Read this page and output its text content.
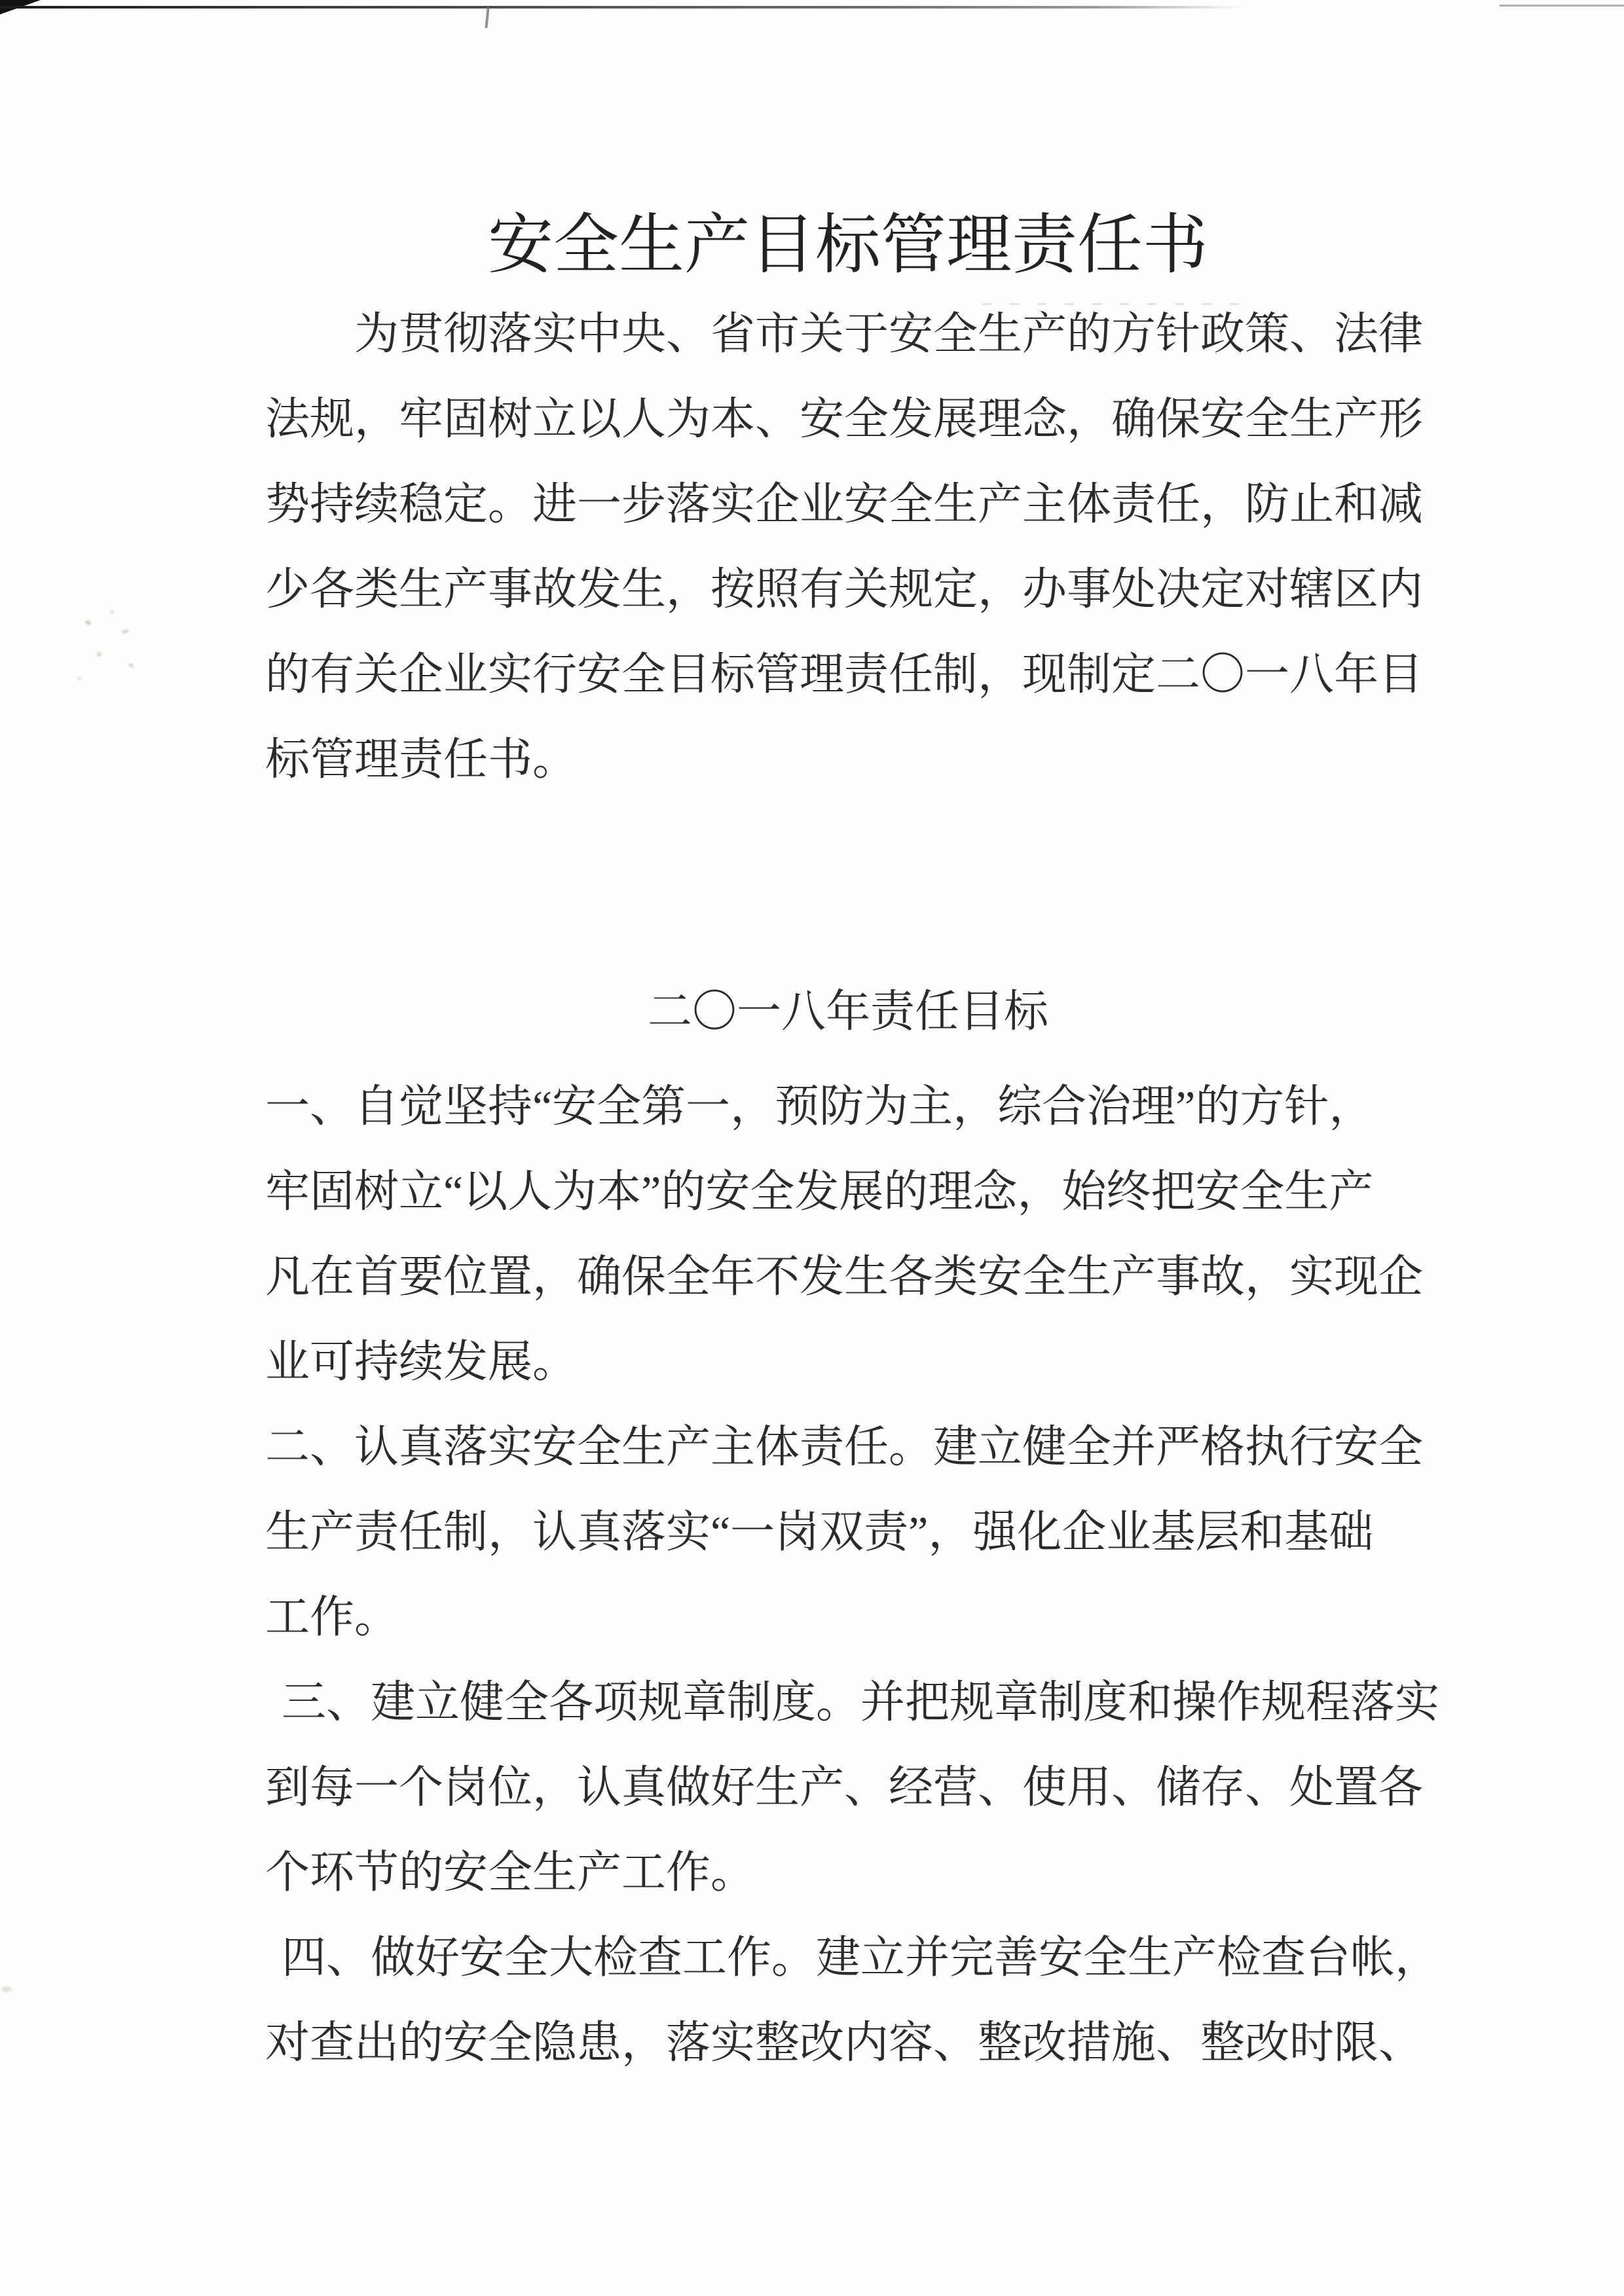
安全生产目标管理责任书
为贯彻落实中央、省市关于安全生产的方针政策、法律
法规，牢固树立以人为本、安全发展理念，确保安全生产形
势持续稳定。进一步落实企业安全生产主体责任，防止和减
少各类生产事故发生，按照有关规定，办事处决定对辖区内
的有关企业实行安全目标管理责任制，现制定二〇一八年目
标管理责任书。
二〇一八年责任目标
一、自觉坚持“安全第一，预防为主，综合治理”的方针，
牢固树立“以人为本”的安全发展的理念，始终把安全生产
凡在首要位置，确保全年不发生各类安全生产事故，实现企
业可持续发展。
二、认真落实安全生产主体责任。建立健全并严格执行安全
生产责任制，认真落实“一岗双责”，强化企业基层和基础
工作。
三、建立健全各项规章制度。并把规章制度和操作规程落实
到每一个岗位，认真做好生产、经营、使用、储存、处置各
个环节的安全生产工作。
四、做好安全大检查工作。建立并完善安全生产检查台帐，
对查出的安全隐患，落实整改内容、整改措施、整改时限、
